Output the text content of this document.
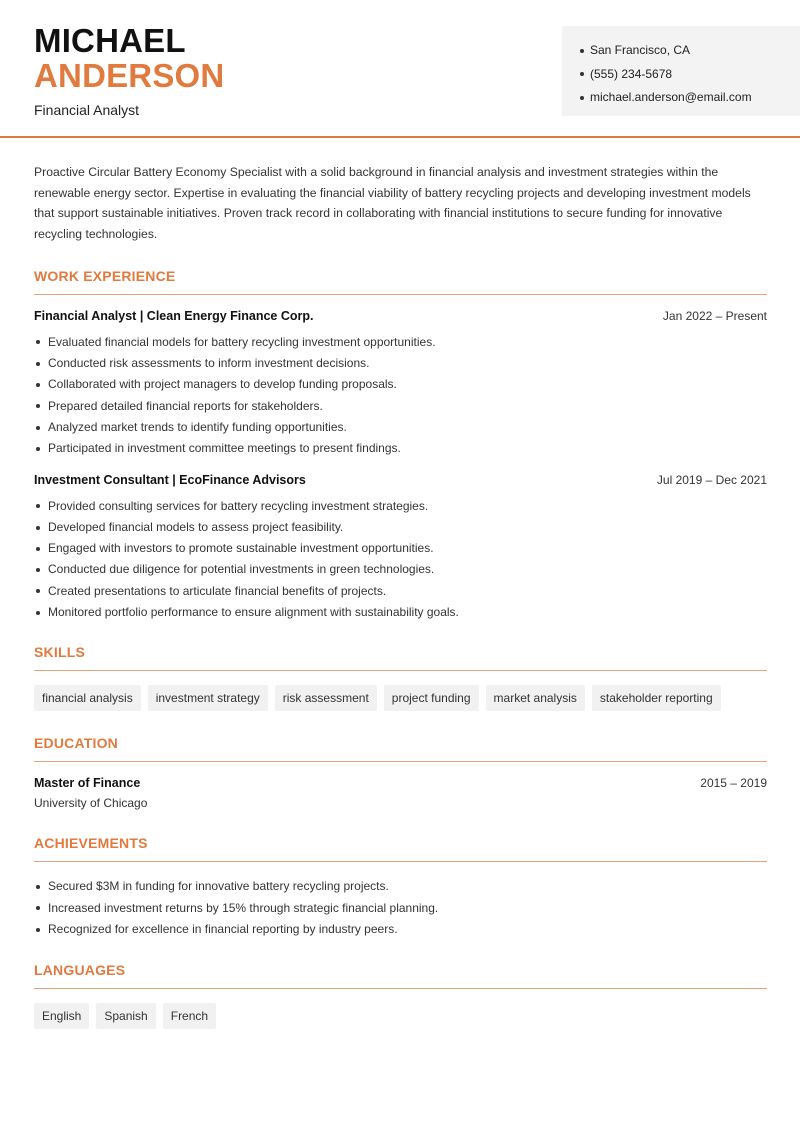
MICHAEL
ANDERSON
Financial Analyst
San Francisco, CA
(555) 234-5678
michael.anderson@email.com

Proactive Circular Battery Economy Specialist with a solid background in financial analysis and investment strategies within the renewable energy sector. Expertise in evaluating the financial viability of battery recycling projects and developing investment models that support sustainable initiatives. Proven track record in collaborating with financial institutions to secure funding for innovative recycling technologies.

WORK EXPERIENCE
Financial Analyst | Clean Energy Finance Corp.	Jan 2022 – Present
Evaluated financial models for battery recycling investment opportunities.
Conducted risk assessments to inform investment decisions.
Collaborated with project managers to develop funding proposals.
Prepared detailed financial reports for stakeholders.
Analyzed market trends to identify funding opportunities.
Participated in investment committee meetings to present findings.
Investment Consultant | EcoFinance Advisors	Jul 2019 – Dec 2021
Provided consulting services for battery recycling investment strategies.
Developed financial models to assess project feasibility.
Engaged with investors to promote sustainable investment opportunities.
Conducted due diligence for potential investments in green technologies.
Created presentations to articulate financial benefits of projects.
Monitored portfolio performance to ensure alignment with sustainability goals.
SKILLS
financial analysis	investment strategy	risk assessment	project funding	market analysis	stakeholder reporting
EDUCATION
Master of Finance	2015 – 2019
University of Chicago
ACHIEVEMENTS
Secured $3M in funding for innovative battery recycling projects.
Increased investment returns by 15% through strategic financial planning.
Recognized for excellence in financial reporting by industry peers.
LANGUAGES
English	Spanish	French
